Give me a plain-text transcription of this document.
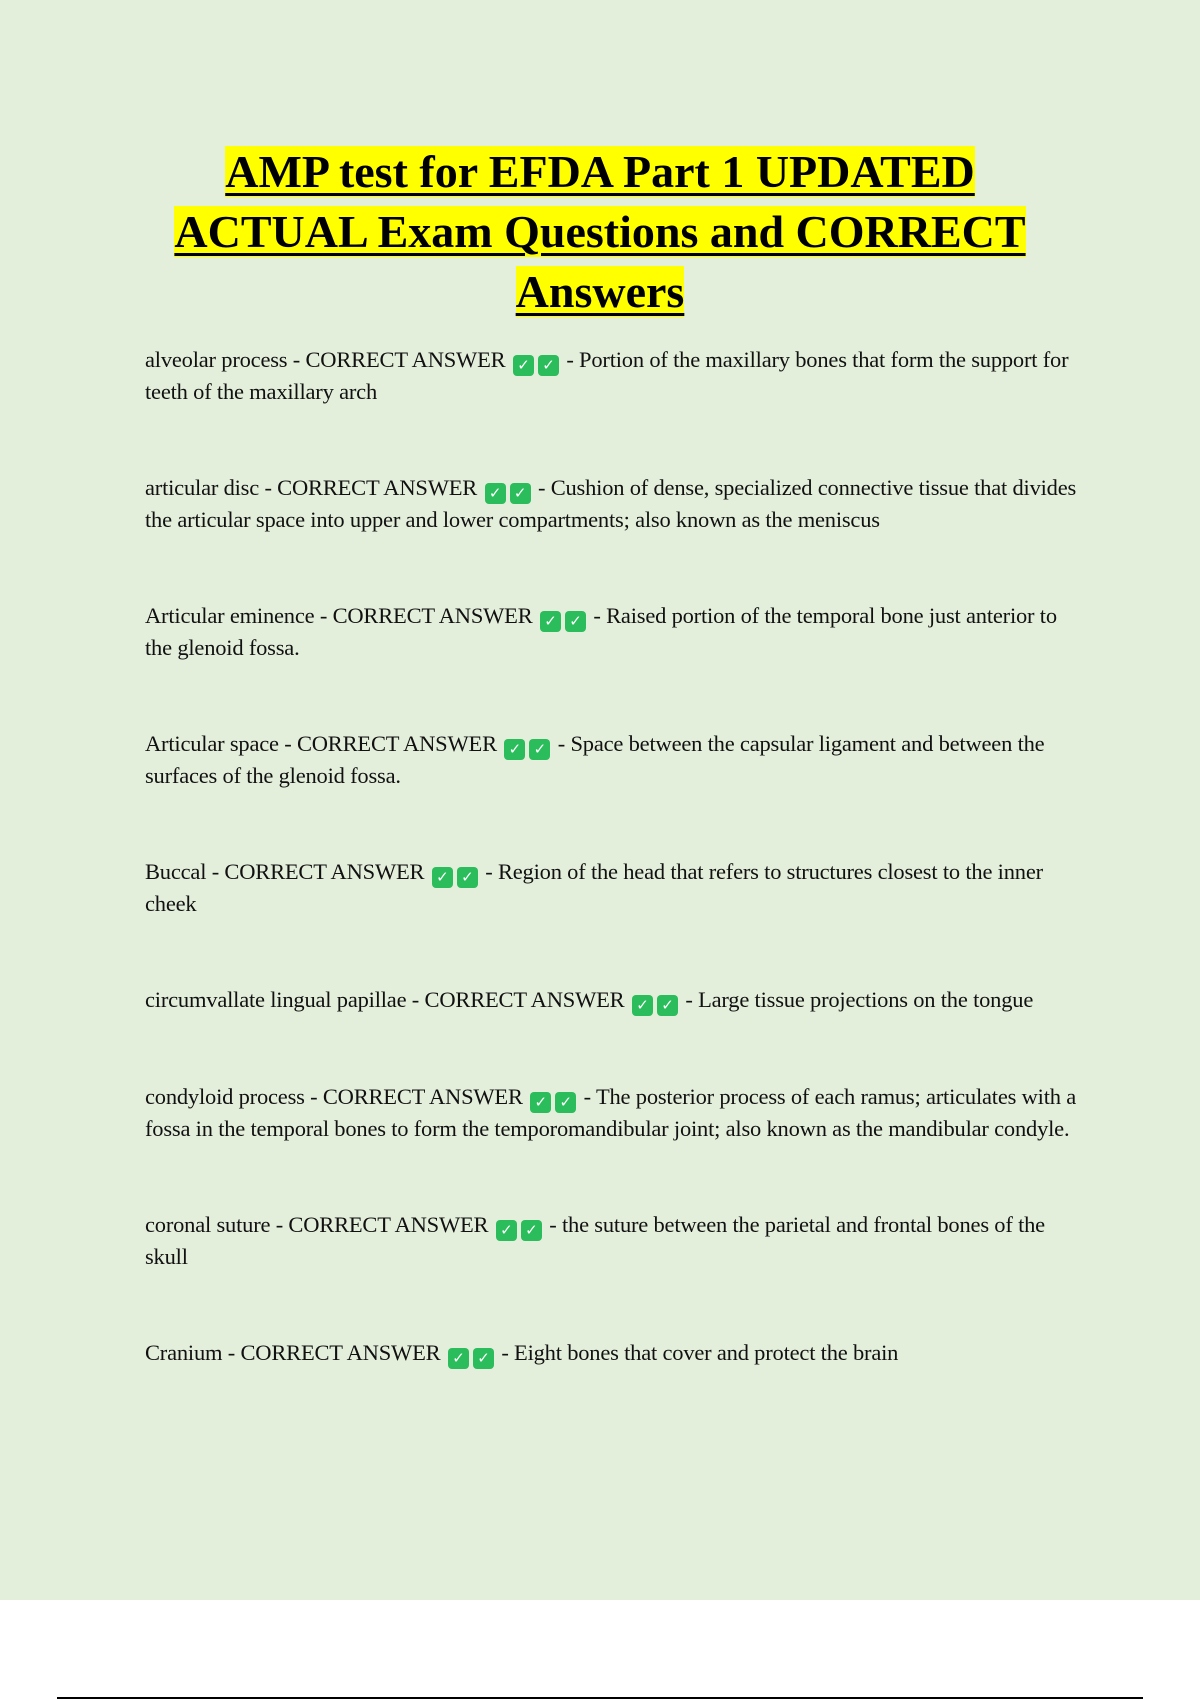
AMP test for EFDA Part 1 UPDATED
ACTUAL Exam Questions and CORRECT
Answers

alveolar process - CORRECT ANSWER ✓ ✓ - Portion of the maxillary bones that form the support for teeth of the maxillary arch

articular disc - CORRECT ANSWER ✓ ✓ - Cushion of dense, specialized connective tissue that divides the articular space into upper and lower compartments; also known as the meniscus

Articular eminence - CORRECT ANSWER ✓ ✓ - Raised portion of the temporal bone just anterior to the glenoid fossa.

Articular space - CORRECT ANSWER ✓ ✓ - Space between the capsular ligament and between the surfaces of the glenoid fossa.

Buccal - CORRECT ANSWER ✓ ✓ - Region of the head that refers to structures closest to the inner cheek

circumvallate lingual papillae - CORRECT ANSWER ✓ ✓ - Large tissue projections on the tongue

condyloid process - CORRECT ANSWER ✓ ✓ - The posterior process of each ramus; articulates with a fossa in the temporal bones to form the temporomandibular joint; also known as the mandibular condyle.

coronal suture - CORRECT ANSWER ✓ ✓ - the suture between the parietal and frontal bones of the skull

Cranium - CORRECT ANSWER ✓ ✓ - Eight bones that cover and protect the brain
